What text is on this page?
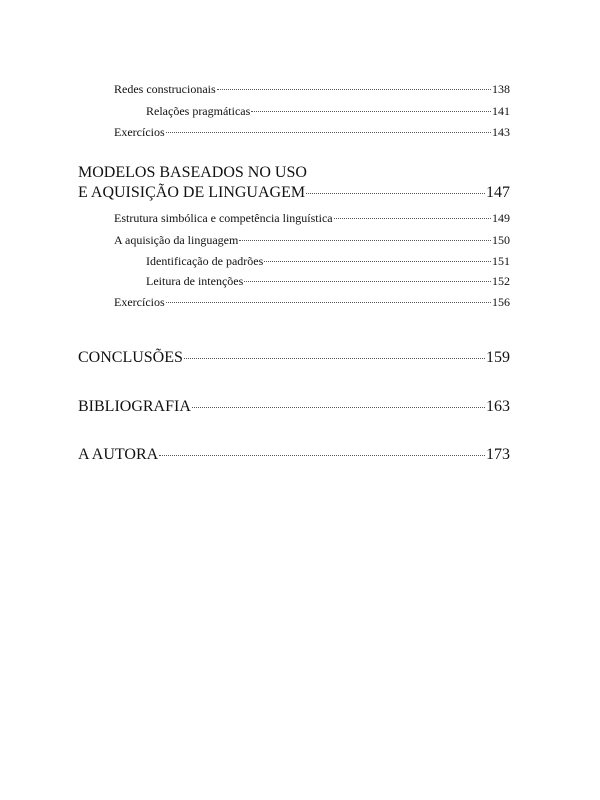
Redes construcionais	138
Relações pragmáticas	141
Exercícios	143
MODELOS BASEADOS NO USO
E AQUISIÇÃO DE LINGUAGEM	147
Estrutura simbólica e competência linguística	149
A aquisição da linguagem	150
Identificação de padrões	151
Leitura de intenções	152
Exercícios	156
CONCLUSÕES	159
BIBLIOGRAFIA	163
A AUTORA	173
